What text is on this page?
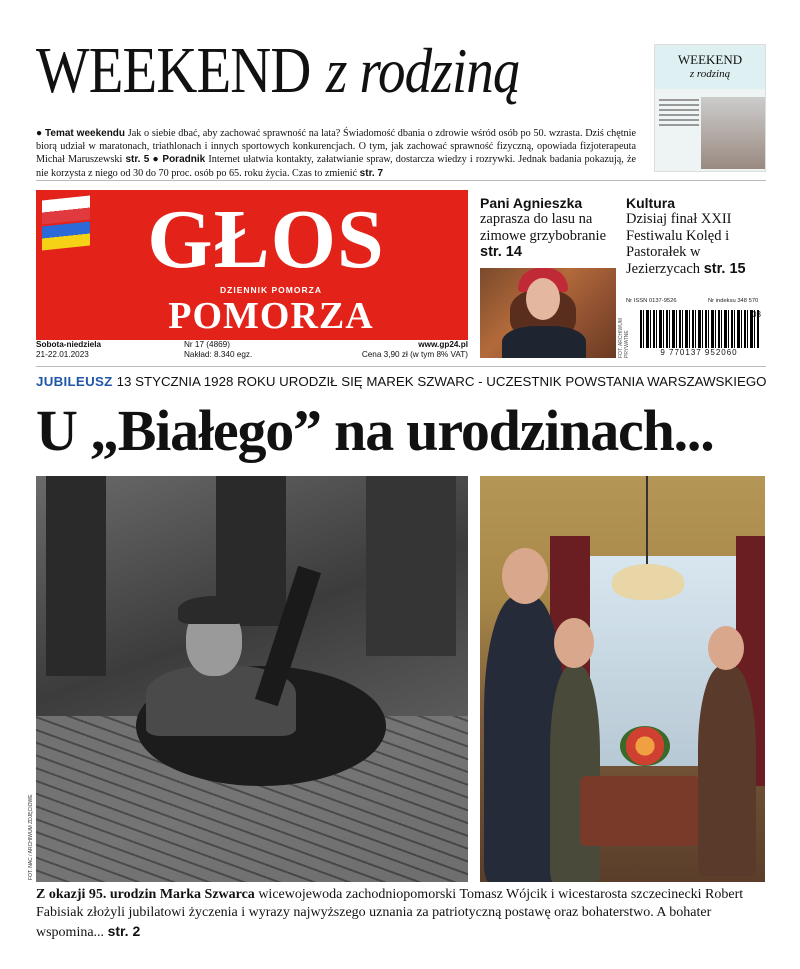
WEEKEND z rodziną
● Temat weekendu Jak o siebie dbać, aby zachować sprawność na lata? Świadomość dbania o zdrowie wśród osób po 50. wzrasta. Dziś chętnie biorą udział w maratonach, triathlonach i innych sportowych konkurencjach. O tym, jak zachować sprawność fizyczną, opowiada fizjoterapeuta Michał Maruszewski str. 5 ● Poradnik Internet ułatwia kontakty, załatwianie spraw, dostarcza wiedzy i rozrywki. Jednak badania pokazują, że nie korzysta z niego od 30 do 70 proc. osób po 65. roku życia. Czas to zmienić str. 7
WEEKEND
z rodziną
GŁOS
DZIENNIK POMORZA
POMORZA
Sobota-niedziela
21-22.01.2023
Nr 17 (4869)
Nakład: 8.340 egz.
www.gp24.pl
Cena 3,90 zł (w tym 8% VAT)
Pani Agnieszka
zaprasza do lasu na zimowe grzybobranie str. 14
FOT. ARCHIWUM PRYWATNE
Kultura
Dzisiaj finał XXII Festiwalu Kolęd i Pastorałek w Jezierzycach str. 15
Nr ISSN 0137-9526	Nr indeksu 348 570
03
9 770137 952060
JUBILEUSZ 13 STYCZNIA 1928 ROKU URODZIŁ SIĘ MAREK SZWARC - UCZESTNIK POWSTANIA WARSZAWSKIEGO
U „Białego” na urodzinach...
FOT. NAC / ARCHIWUM ZDJĘCIOWE
Z okazji 95. urodzin Marka Szwarca wicewojewoda zachodniopomorski Tomasz Wójcik i wicestarosta szczecinecki Robert Fabisiak złożyli jubilatowi życzenia i wyrazy najwyższego uznania za patriotyczną postawę oraz bohaterstwo. A bohater wspomina... str. 2
